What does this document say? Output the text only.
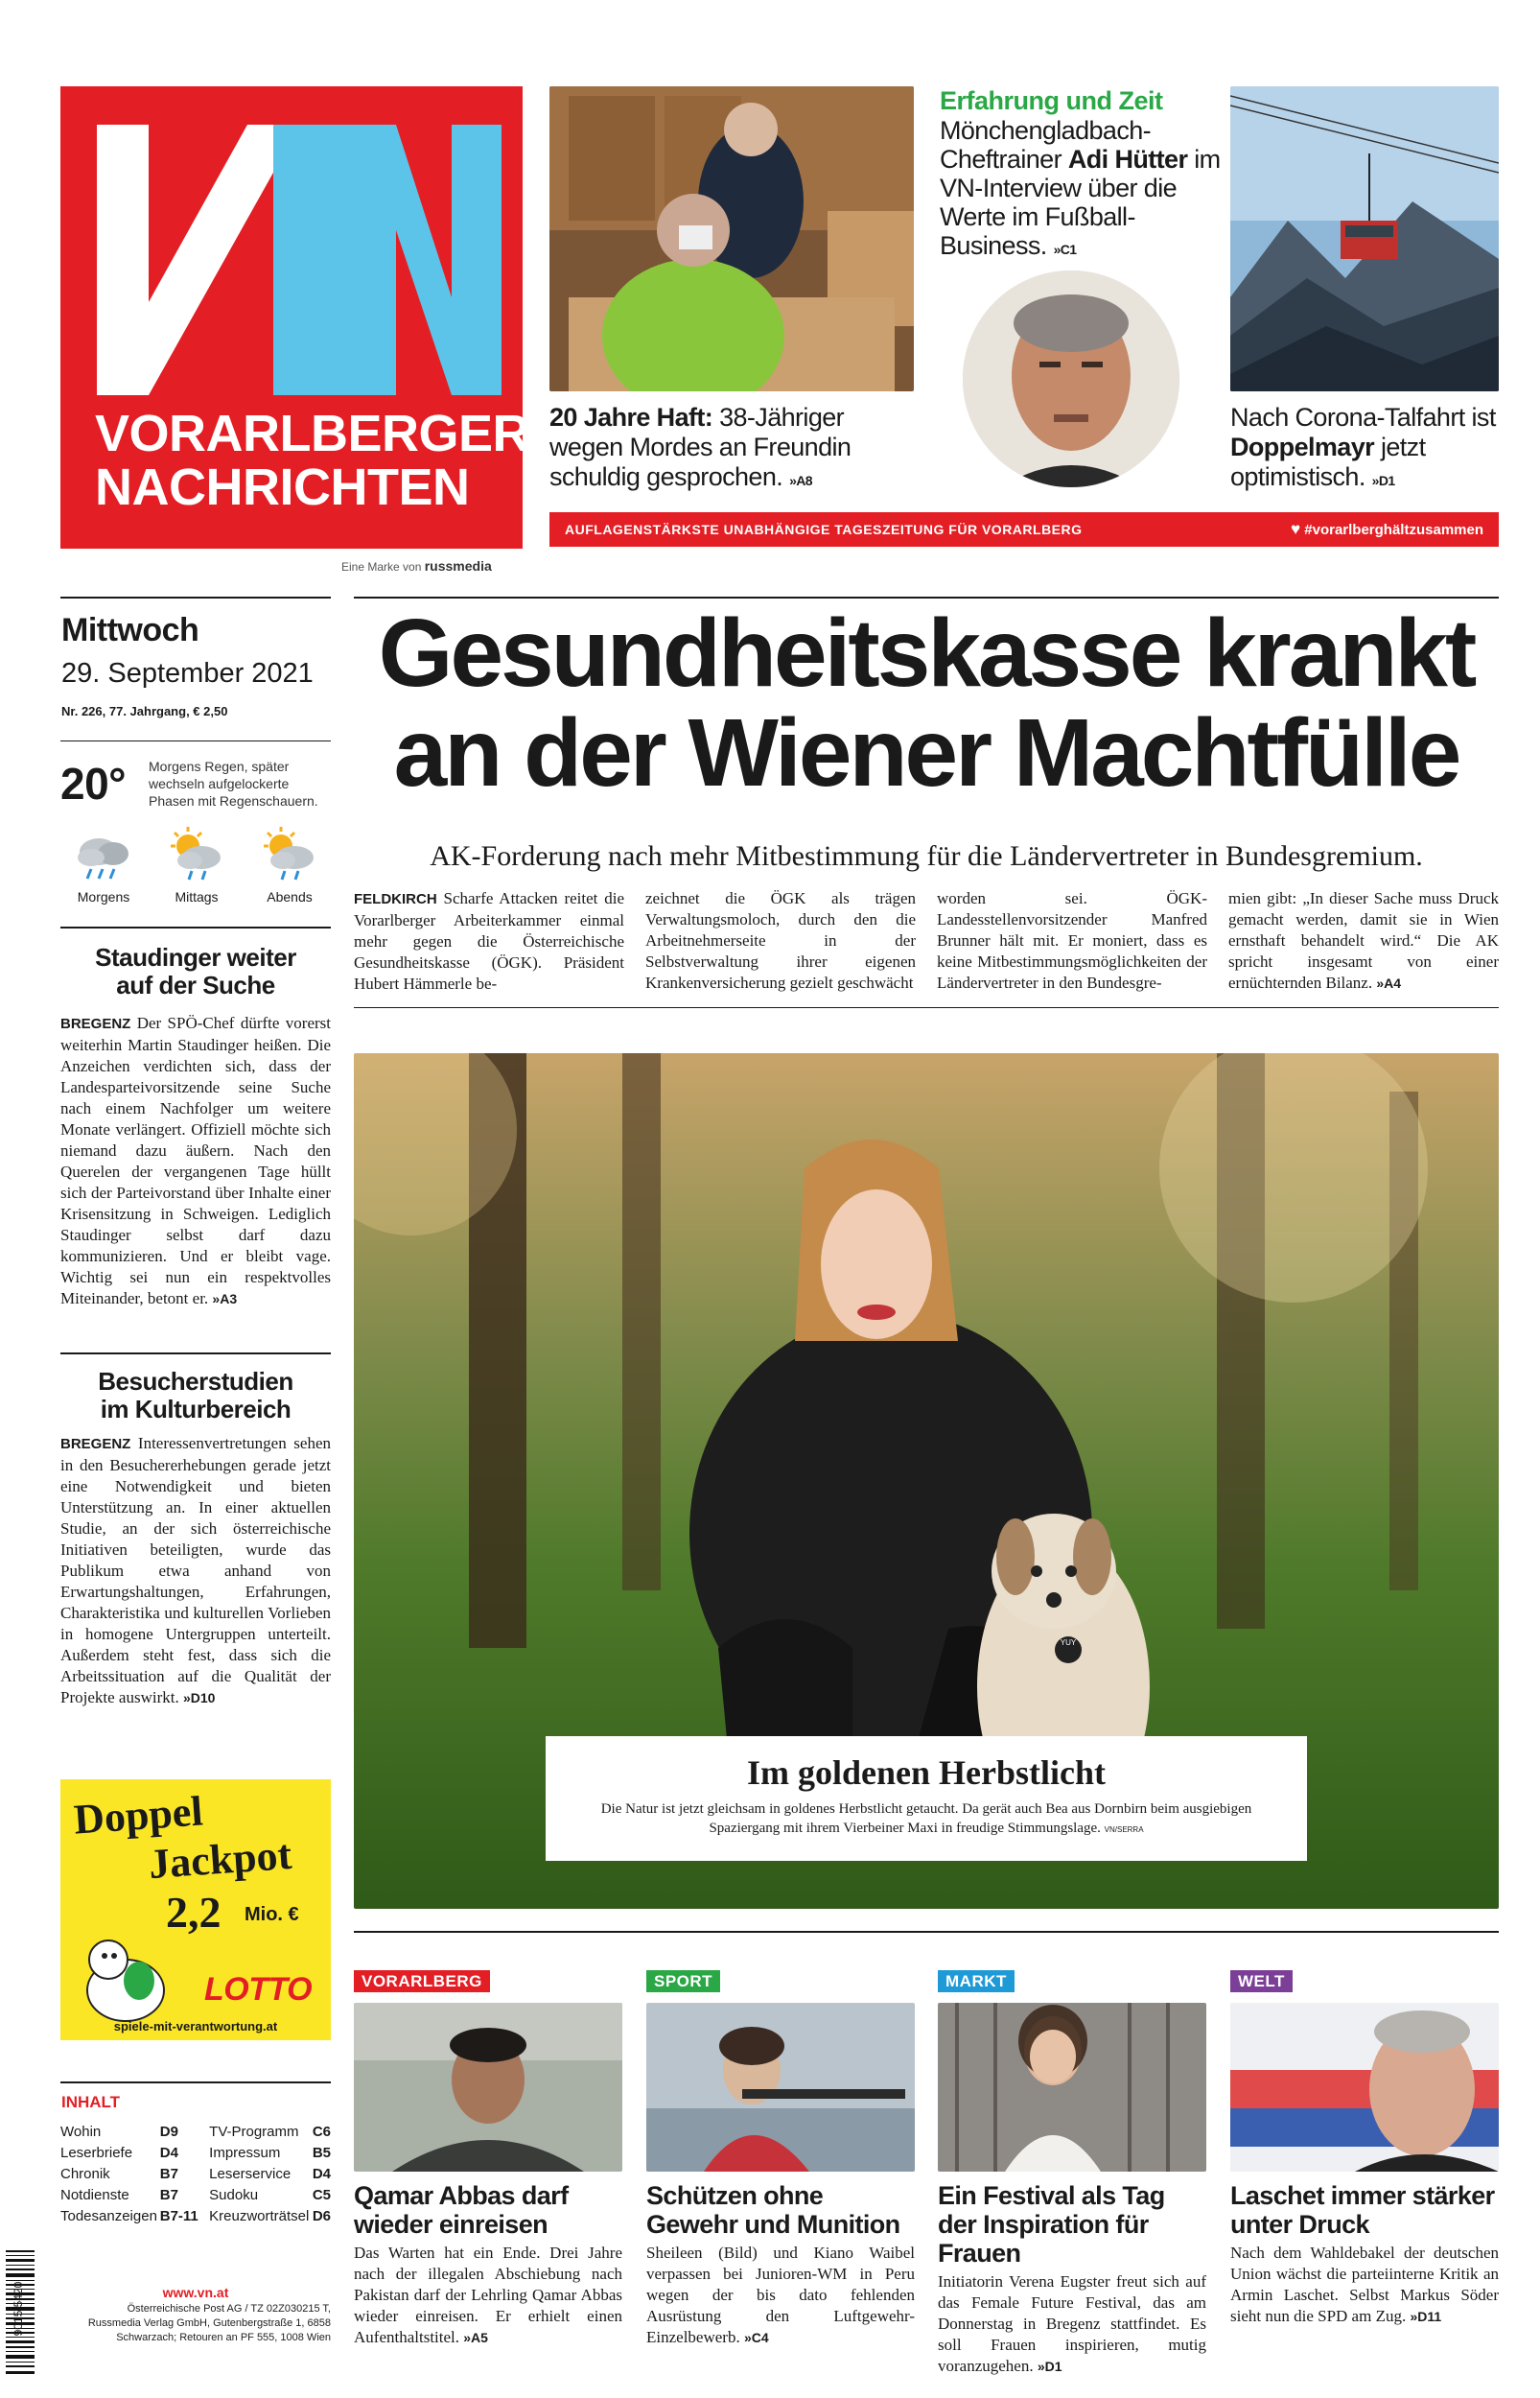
VORARLBERGER
NACHRICHTEN
Eine Marke von russmedia
20 Jahre Haft: 38-Jähriger wegen Mordes an Freundin schuldig gesprochen. »A8
Erfahrung und Zeit
Mönchengladbach-Cheftrainer Adi Hütter im VN-Interview über die Werte im Fußball-Business. »C1
Nach Corona-Talfahrt ist Doppelmayr jetzt optimistisch. »D1
AUFLAGENSTÄRKSTE UNABHÄNGIGE TAGESZEITUNG FÜR VORARLBERG	♥ #vorarlberghältzusammen
Mittwoch
29. September 2021
Nr. 226, 77. Jahrgang, € 2,50
20° Morgens Regen, später wechseln aufgelockerte Phasen mit Regenschauern.
Morgens	Mittags	Abends
Staudinger weiter auf der Suche
BREGENZ Der SPÖ-Chef dürfte vorerst weiterhin Martin Staudinger heißen. Die Anzeichen verdichten sich, dass der Landesparteivorsitzende seine Suche nach einem Nachfolger um weitere Monate verlängert. Offiziell möchte sich niemand dazu äußern. Nach den Querelen der vergangenen Tage hüllt sich der Parteivorstand über Inhalte einer Krisensitzung in Schweigen. Lediglich Staudinger selbst darf dazu kommunizieren. Und er bleibt vage. Wichtig sei nun ein respektvolles Miteinander, betont er. »A3
Besucherstudien im Kulturbereich
BREGENZ Interessenvertretungen sehen in den Besuchererhebungen gerade jetzt eine Notwendigkeit und bieten Unterstützung an. In einer aktuellen Studie, an der sich österreichische Initiativen beteiligten, wurde das Publikum etwa anhand von Erwartungshaltungen, Erfahrungen, Charakteristika und kulturellen Vorlieben in homogene Untergruppen unterteilt. Außerdem steht fest, dass sich die Arbeitssituation auf die Qualität der Projekte auswirkt. »D10
Doppel
Jackpot
2,2 Mio. €
LOTTO
spiele-mit-verantwortung.at
INHALT
Wohin	D9	TV-Programm	C6
Leserbriefe	D4	Impressum	B5
Chronik	B7	Leserservice	D4
Notdienste	B7	Sudoku	C5
Todesanzeigen	B7-11	Kreuzworträtsel	D6
9015 5420	www.vn.at
Österreichische Post AG / TZ 02Z030215 T, Russmedia Verlag GmbH, Gutenbergstraße 1, 6858 Schwarzach; Retouren an PF 555, 1008 Wien
Gesundheitskasse krankt
an der Wiener Machtfülle
AK-Forderung nach mehr Mitbestimmung für die Ländervertreter in Bundesgremium.
FELDKIRCH Scharfe Attacken reitet die Vorarlberger Arbeiterkammer einmal mehr gegen die Österreichische Gesundheitskasse (ÖGK). Präsident Hubert Hämmerle be-
zeichnet die ÖGK als trägen Verwaltungsmoloch, durch den die Arbeitnehmerseite in der Selbstverwaltung ihrer eigenen Krankenversicherung gezielt geschwächt
worden sei. ÖGK-Landesstellenvorsitzender Manfred Brunner hält mit. Er moniert, dass es keine Mitbestimmungsmöglichkeiten der Ländervertreter in den Bundesgre-
mien gibt: „In dieser Sache muss Druck gemacht werden, damit sie in Wien ernsthaft behandelt wird.“ Die AK spricht insgesamt von einer ernüchternden Bilanz. »A4
YUY
Im goldenen Herbstlicht
Die Natur ist jetzt gleichsam in goldenes Herbstlicht getaucht. Da gerät auch Bea aus Dornbirn beim ausgiebigen Spaziergang mit ihrem Vierbeiner Maxi in freudige Stimmungslage. VN/SERRA
VORARLBERG
Qamar Abbas darf wieder einreisen
Das Warten hat ein Ende. Drei Jahre nach der illegalen Abschiebung nach Pakistan darf der Lehrling Qamar Abbas wieder einreisen. Er erhielt einen Aufenthaltstitel. »A5
SPORT
Schützen ohne Gewehr und Munition
Sheileen (Bild) und Kiano Waibel verpassen bei Junioren-WM in Peru wegen der bis dato fehlenden Ausrüstung den Luftgewehr-Einzelbewerb. »C4
MARKT
Ein Festival als Tag der Inspiration für Frauen
Initiatorin Verena Eugster freut sich auf das Female Future Festival, das am Donnerstag in Bregenz stattfindet. Es soll Frauen inspirieren, mutig voranzugehen. »D1
WELT
Laschet immer stärker unter Druck
Nach dem Wahldebakel der deutschen Union wächst die parteiinterne Kritik an Armin Laschet. Selbst Markus Söder sieht nun die SPD am Zug. »D11
